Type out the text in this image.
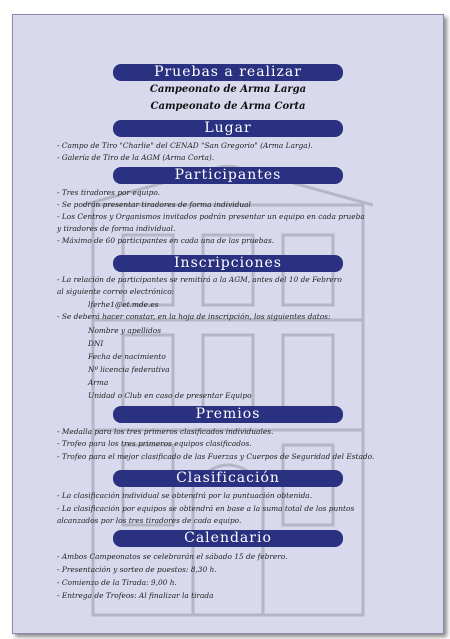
Pruebas a realizar
Campeonato de Arma Larga
Campeonato de Arma Corta
Lugar
- Campo de Tiro "Charlie" del CENAD "San Gregorio" (Arma Larga).
- Galería de Tiro de la AGM (Arma Corta).
Participantes
- Tres tiradores por equipo.
- Se podrán presentar tiradores de forma individual
- Los Centros y Organismos invitados podrán presentar un equipo en cada prueba
y tiradores de forma individual.
- Máximo de 60 participantes en cada una de las pruebas.
Inscripciones
- La relación de participantes se remitirá a la AGM, antes del 10 de Febrero
al siguiente correo electrónico:
lferhe1@et.mde.es
- Se deberá hacer constar, en la hoja de inscripción, los siguientes datos:
Nombre y apellidos
DNI
Fecha de nacimiento
Nº licencia federativa
Arma
Unidad o Club en caso de presentar Equipo
Premios
- Medalla para los tres primeros clasificados individuales.
- Trofeo para los tres primeros equipos clasificados.
- Trofeo para el mejor clasificado de las Fuerzas y Cuerpos de Seguridad del Estado.
Clasificación
- La clasificación individual se obtendrá por la puntuación obtenida.
- La clasificación por equipos se obtendrá en base a la suma total de los puntos
alcanzados por los tres tiradores de cada equipo.
Calendario
- Ambos Campeonatos se celebrarán el sábado 15 de febrero.
- Presentación y sorteo de puestos: 8,30 h.
- Comienzo de la Tirada: 9,00 h.
- Entrega de Trofeos: Al finalizar la tirada
